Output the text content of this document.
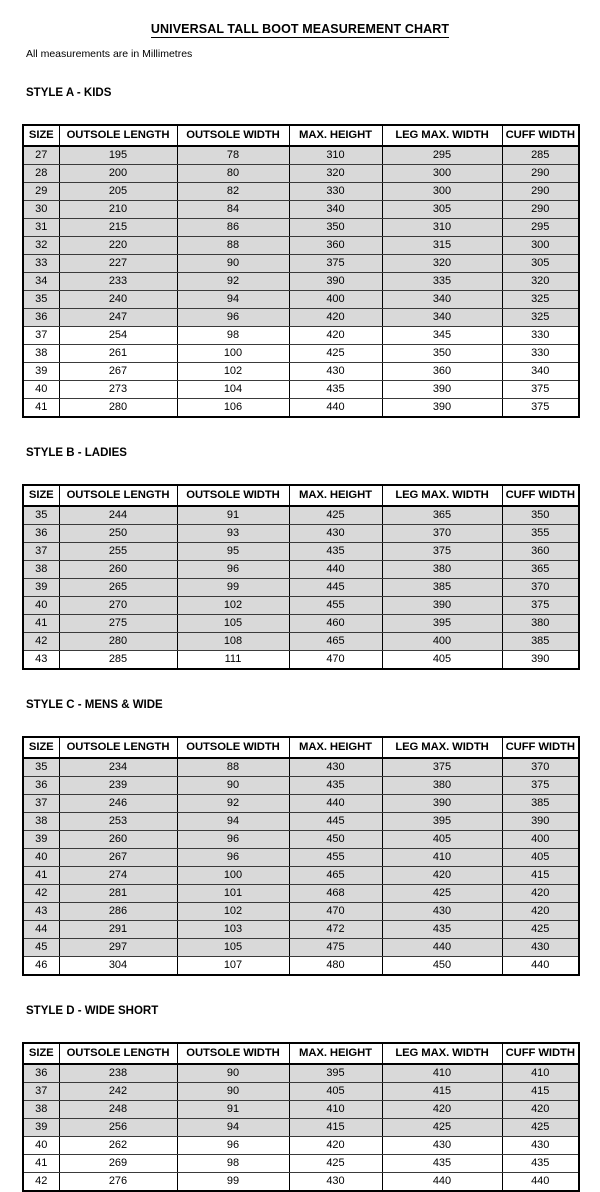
UNIVERSAL TALL BOOT MEASUREMENT CHART

All measurements are in Millimetres

STYLE A - KIDS
SIZE	OUTSOLE LENGTH	OUTSOLE WIDTH	MAX. HEIGHT	LEG MAX. WIDTH	CUFF WIDTH
27	195	78	310	295	285
28	200	80	320	300	290
29	205	82	330	300	290
30	210	84	340	305	290
31	215	86	350	310	295
32	220	88	360	315	300
33	227	90	375	320	305
34	233	92	390	335	320
35	240	94	400	340	325
36	247	96	420	340	325
37	254	98	420	345	330
38	261	100	425	350	330
39	267	102	430	360	340
40	273	104	435	390	375
41	280	106	440	390	375
STYLE B - LADIES
SIZE	OUTSOLE LENGTH	OUTSOLE WIDTH	MAX. HEIGHT	LEG MAX. WIDTH	CUFF WIDTH
35	244	91	425	365	350
36	250	93	430	370	355
37	255	95	435	375	360
38	260	96	440	380	365
39	265	99	445	385	370
40	270	102	455	390	375
41	275	105	460	395	380
42	280	108	465	400	385
43	285	111	470	405	390
STYLE C - MENS & WIDE
SIZE	OUTSOLE LENGTH	OUTSOLE WIDTH	MAX. HEIGHT	LEG MAX. WIDTH	CUFF WIDTH
35	234	88	430	375	370
36	239	90	435	380	375
37	246	92	440	390	385
38	253	94	445	395	390
39	260	96	450	405	400
40	267	96	455	410	405
41	274	100	465	420	415
42	281	101	468	425	420
43	286	102	470	430	420
44	291	103	472	435	425
45	297	105	475	440	430
46	304	107	480	450	440
STYLE D - WIDE SHORT
SIZE	OUTSOLE LENGTH	OUTSOLE WIDTH	MAX. HEIGHT	LEG MAX. WIDTH	CUFF WIDTH
36	238	90	395	410	410
37	242	90	405	415	415
38	248	91	410	420	420
39	256	94	415	425	425
40	262	96	420	430	430
41	269	98	425	435	435
42	276	99	430	440	440
